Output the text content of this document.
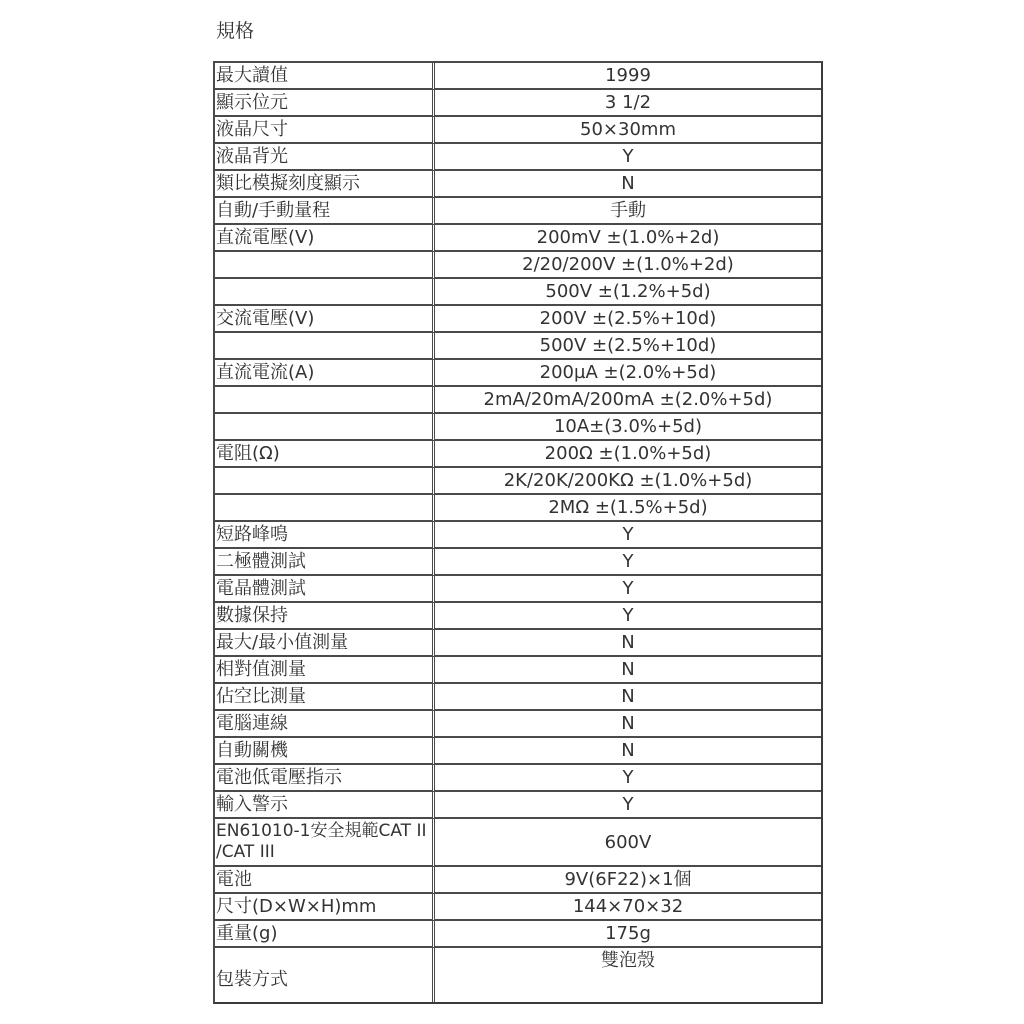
規格
最大讀值	1999
顯示位元	3 1/2
液晶尺寸	50×30mm
液晶背光	Y
類比模擬刻度顯示	N
自動/手動量程	手動
直流電壓(V)	200mV ±(1.0%+2d)
	2/20/200V ±(1.0%+2d)
	500V ±(1.2%+5d)
交流電壓(V)	200V ±(2.5%+10d)
	500V ±(2.5%+10d)
直流電流(A)	200µA ±(2.0%+5d)
	2mA/20mA/200mA ±(2.0%+5d)
	10A±(3.0%+5d)
電阻(Ω)	200Ω ±(1.0%+5d)
	2K/20K/200KΩ ±(1.0%+5d)
	2MΩ ±(1.5%+5d)
短路峰鳴	Y
二極體測試	Y
電晶體測試	Y
數據保持	Y
最大/最小值測量	N
相對值測量	N
佔空比測量	N
電腦連線	N
自動關機	N
電池低電壓指示	Y
輸入警示	Y
EN61010-1安全規範CAT II /CAT III	600V
電池	9V(6F22)×1個
尺寸(D×W×H)mm	144×70×32
重量(g)	175g
包裝方式	雙泡殼
